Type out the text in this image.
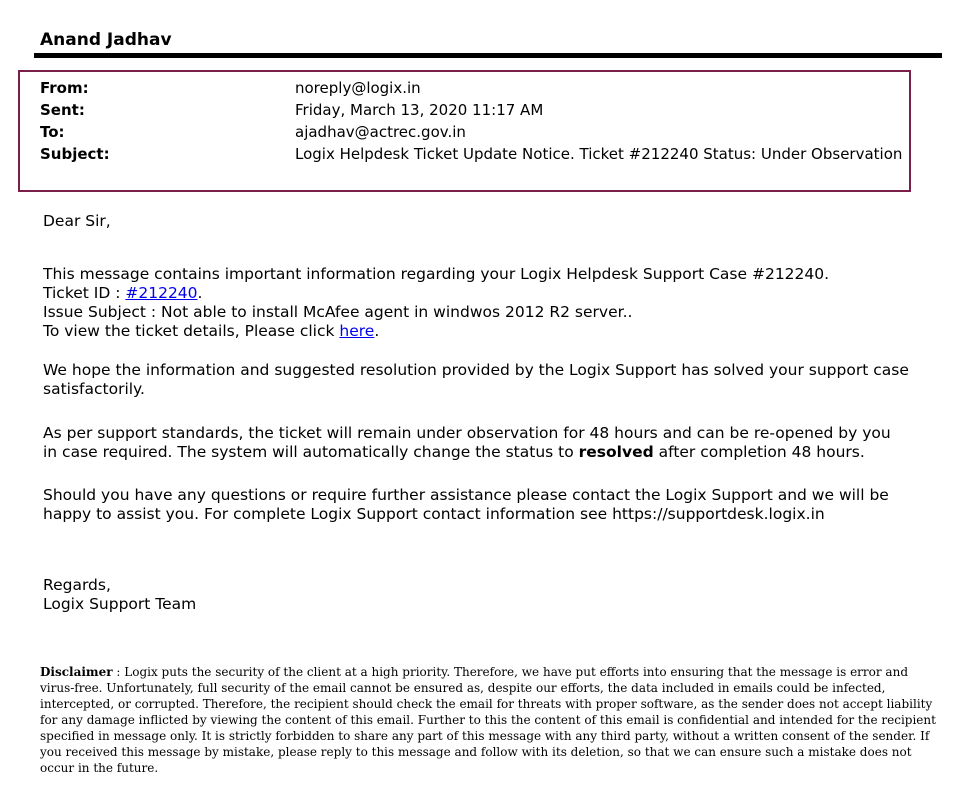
Anand Jadhav
From:	noreply@logix.in
Sent:	Friday, March 13, 2020 11:17 AM
To:	ajadhav@actrec.gov.in
Subject:	Logix Helpdesk Ticket Update Notice. Ticket #212240 Status: Under Observation
Dear Sir,
This message contains important information regarding your Logix Helpdesk Support Case #212240.
Ticket ID : #212240.
Issue Subject : Not able to install McAfee agent in windwos 2012 R2 server..
To view the ticket details, Please click here.
We hope the information and suggested resolution provided by the Logix Support has solved your support case
satisfactorily.
As per support standards, the ticket will remain under observation for 48 hours and can be re-opened by you
in case required. The system will automatically change the status to resolved after completion 48 hours.
Should you have any questions or require further assistance please contact the Logix Support and we will be
happy to assist you. For complete Logix Support contact information see https://supportdesk.logix.in
Regards,
Logix Support Team
Disclaimer : Logix puts the security of the client at a high priority. Therefore, we have put efforts into ensuring that the message is error and virus-free. Unfortunately, full security of the email cannot be ensured as, despite our efforts, the data included in emails could be infected, intercepted, or corrupted. Therefore, the recipient should check the email for threats with proper software, as the sender does not accept liability for any damage inflicted by viewing the content of this email. Further to this the content of this email is confidential and intended for the recipient specified in message only. It is strictly forbidden to share any part of this message with any third party, without a written consent of the sender. If you received this message by mistake, please reply to this message and follow with its deletion, so that we can ensure such a mistake does not occur in the future.
